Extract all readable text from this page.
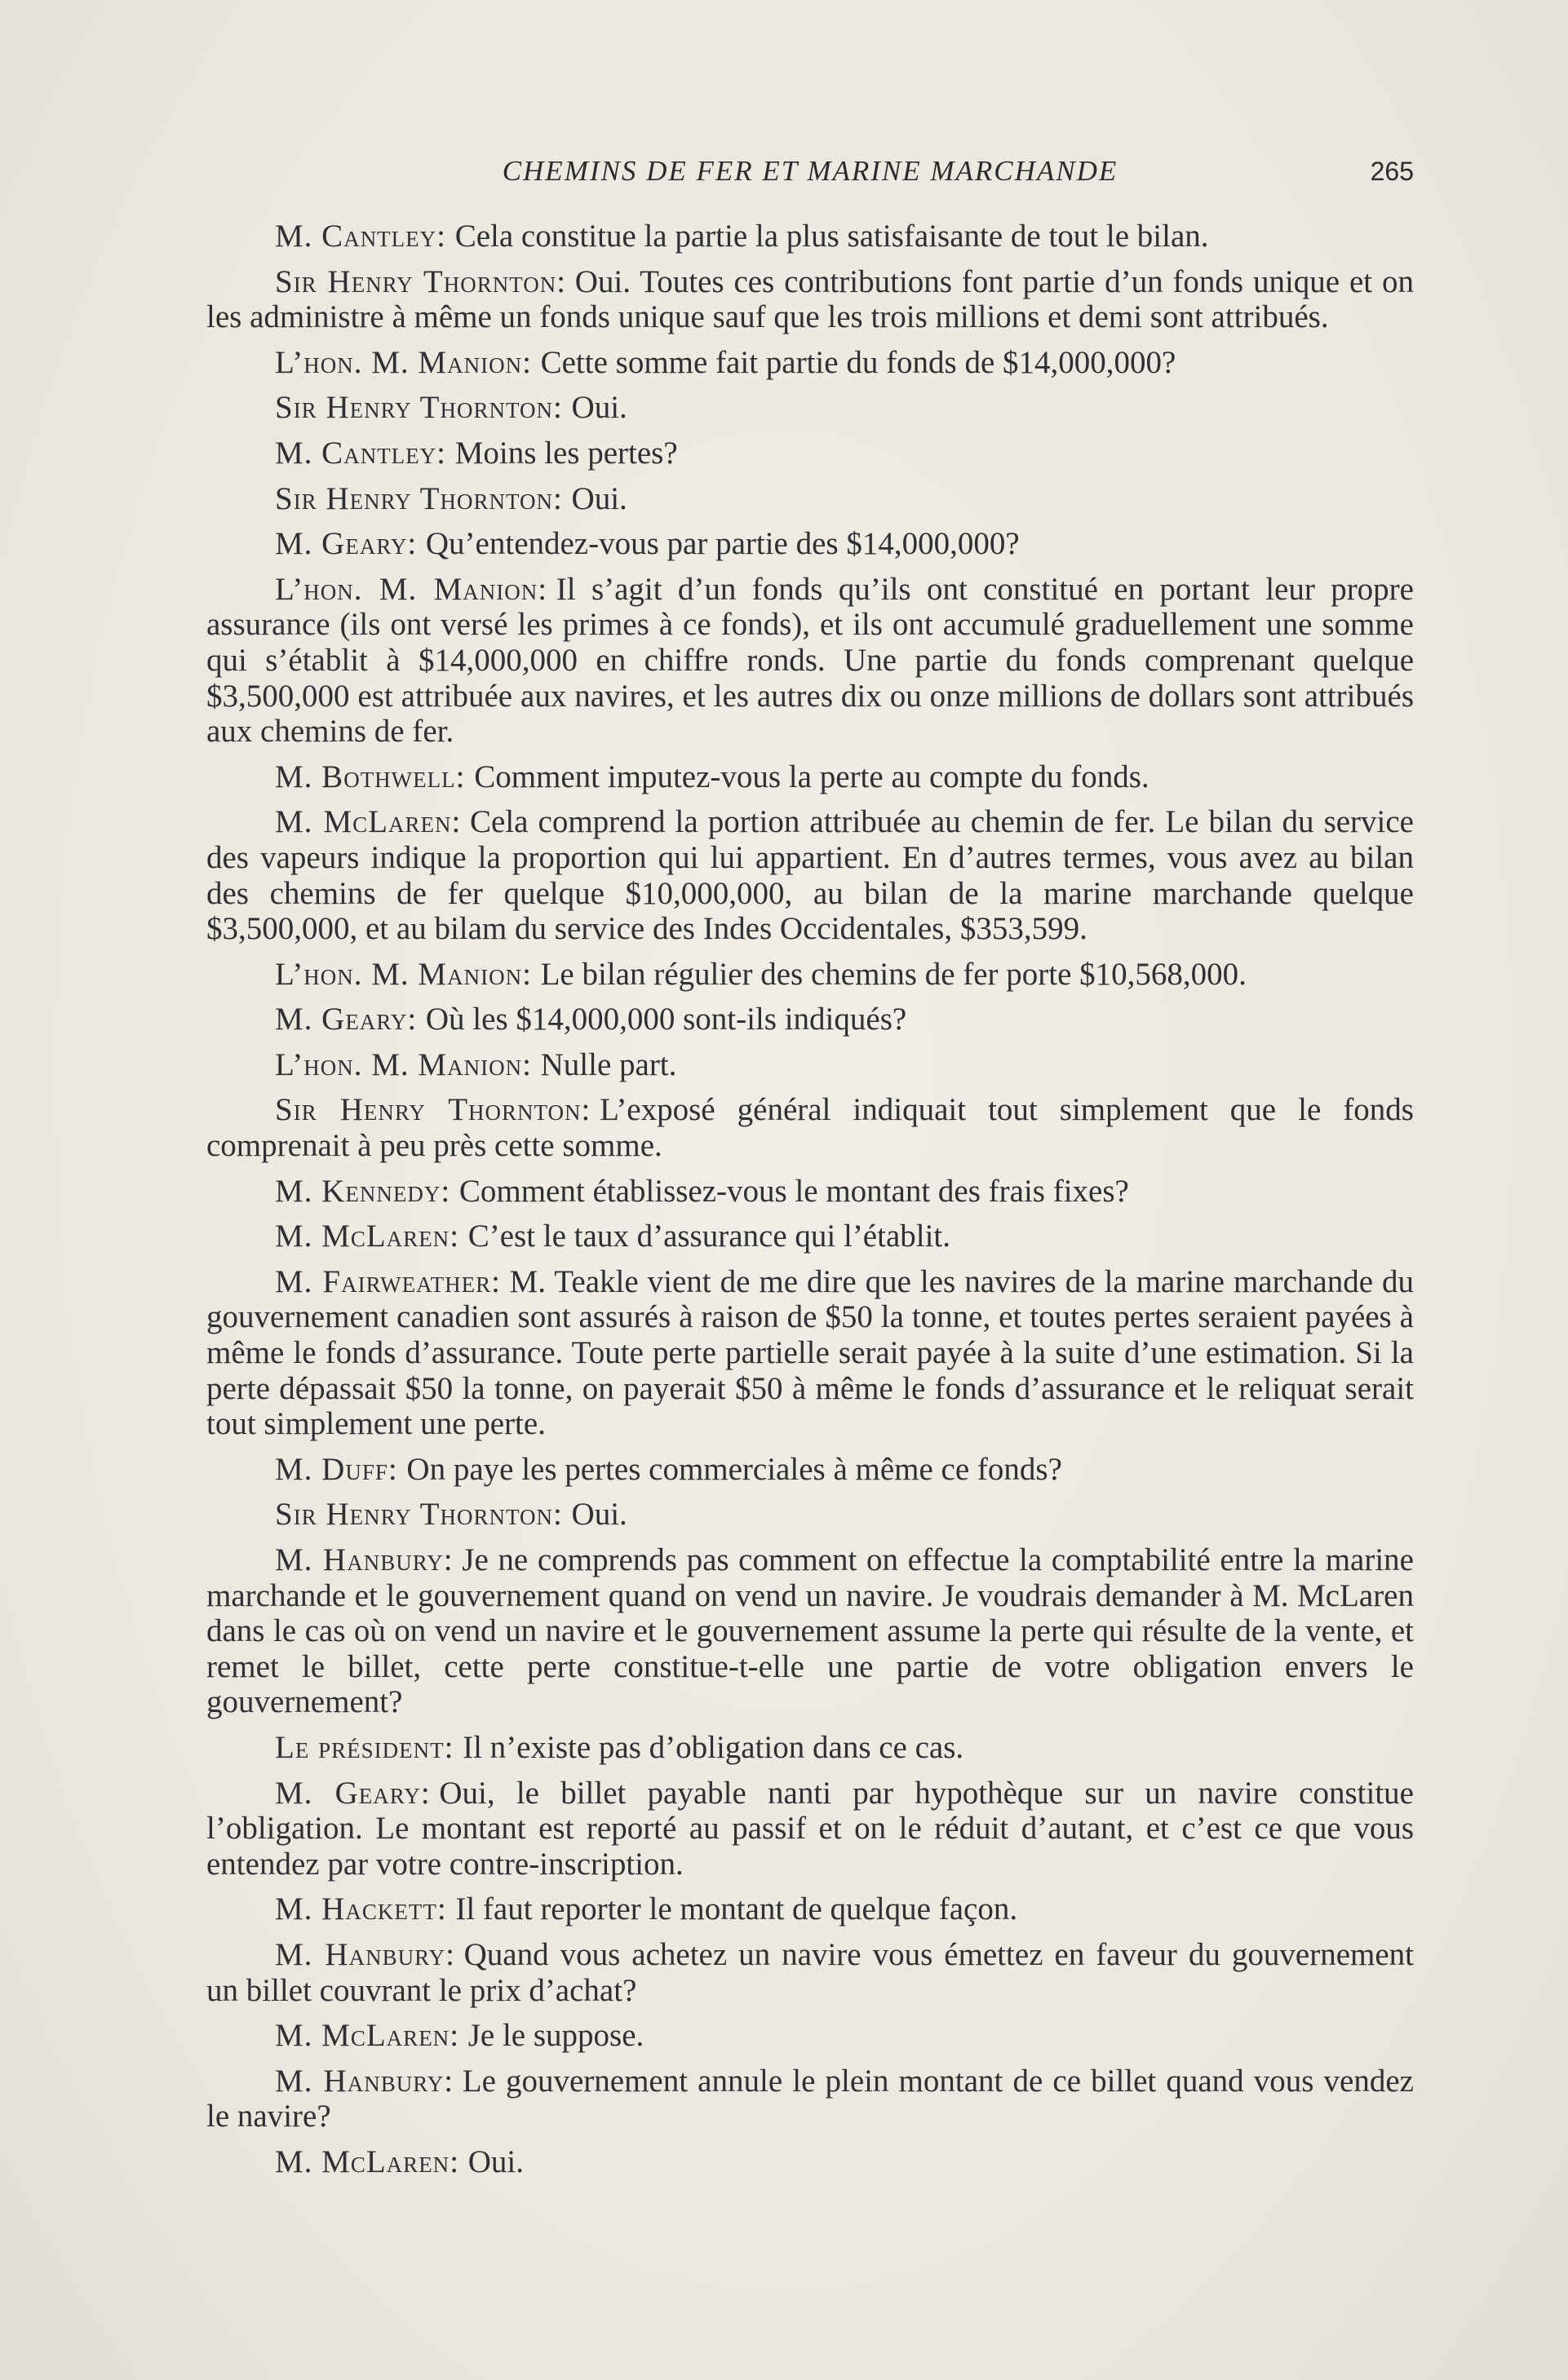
CHEMINS DE FER ET MARINE MARCHANDE	265

M. Cantley: Cela constitue la partie la plus satisfaisante de tout le bilan.

Sir Henry Thornton: Oui. Toutes ces contributions font partie d’un fonds unique et on les administre à même un fonds unique sauf que les trois millions et demi sont attribués.

L’hon. M. Manion: Cette somme fait partie du fonds de $14,000,000?

Sir Henry Thornton: Oui.

M. Cantley: Moins les pertes?

Sir Henry Thornton: Oui.

M. Geary: Qu’entendez-vous par partie des $14,000,000?

L’hon. M. Manion: Il s’agit d’un fonds qu’ils ont constitué en portant leur propre assurance (ils ont versé les primes à ce fonds), et ils ont accumulé graduellement une somme qui s’établit à $14,000,000 en chiffre ronds. Une partie du fonds comprenant quelque $3,500,000 est attribuée aux navires, et les autres dix ou onze millions de dollars sont attribués aux chemins de fer.

M. Bothwell: Comment imputez-vous la perte au compte du fonds.

M. McLaren: Cela comprend la portion attribuée au chemin de fer. Le bilan du service des vapeurs indique la proportion qui lui appartient. En d’autres termes, vous avez au bilan des chemins de fer quelque $10,000,000, au bilan de la marine marchande quelque $3,500,000, et au bilam du service des Indes Occidentales, $353,599.

L’hon. M. Manion: Le bilan régulier des chemins de fer porte $10,568,000.

M. Geary: Où les $14,000,000 sont-ils indiqués?

L’hon. M. Manion: Nulle part.

Sir Henry Thornton: L’exposé général indiquait tout simplement que le fonds comprenait à peu près cette somme.

M. Kennedy: Comment établissez-vous le montant des frais fixes?

M. McLaren: C’est le taux d’assurance qui l’établit.

M. Fairweather: M. Teakle vient de me dire que les navires de la marine marchande du gouvernement canadien sont assurés à raison de $50 la tonne, et toutes pertes seraient payées à même le fonds d’assurance. Toute perte partielle serait payée à la suite d’une estimation. Si la perte dépassait $50 la tonne, on payerait $50 à même le fonds d’assurance et le reliquat serait tout simplement une perte.

M. Duff: On paye les pertes commerciales à même ce fonds?

Sir Henry Thornton: Oui.

M. Hanbury: Je ne comprends pas comment on effectue la comptabilité entre la marine marchande et le gouvernement quand on vend un navire. Je voudrais demander à M. McLaren dans le cas où on vend un navire et le gouvernement assume la perte qui résulte de la vente, et remet le billet, cette perte constitue-t-elle une partie de votre obligation envers le gouvernement?

Le président: Il n’existe pas d’obligation dans ce cas.

M. Geary: Oui, le billet payable nanti par hypothèque sur un navire constitue l’obligation. Le montant est reporté au passif et on le réduit d’autant, et c’est ce que vous entendez par votre contre-inscription.

M. Hackett: Il faut reporter le montant de quelque façon.

M. Hanbury: Quand vous achetez un navire vous émettez en faveur du gouvernement un billet couvrant le prix d’achat?

M. McLaren: Je le suppose.

M. Hanbury: Le gouvernement annule le plein montant de ce billet quand vous vendez le navire?

M. McLaren: Oui.
